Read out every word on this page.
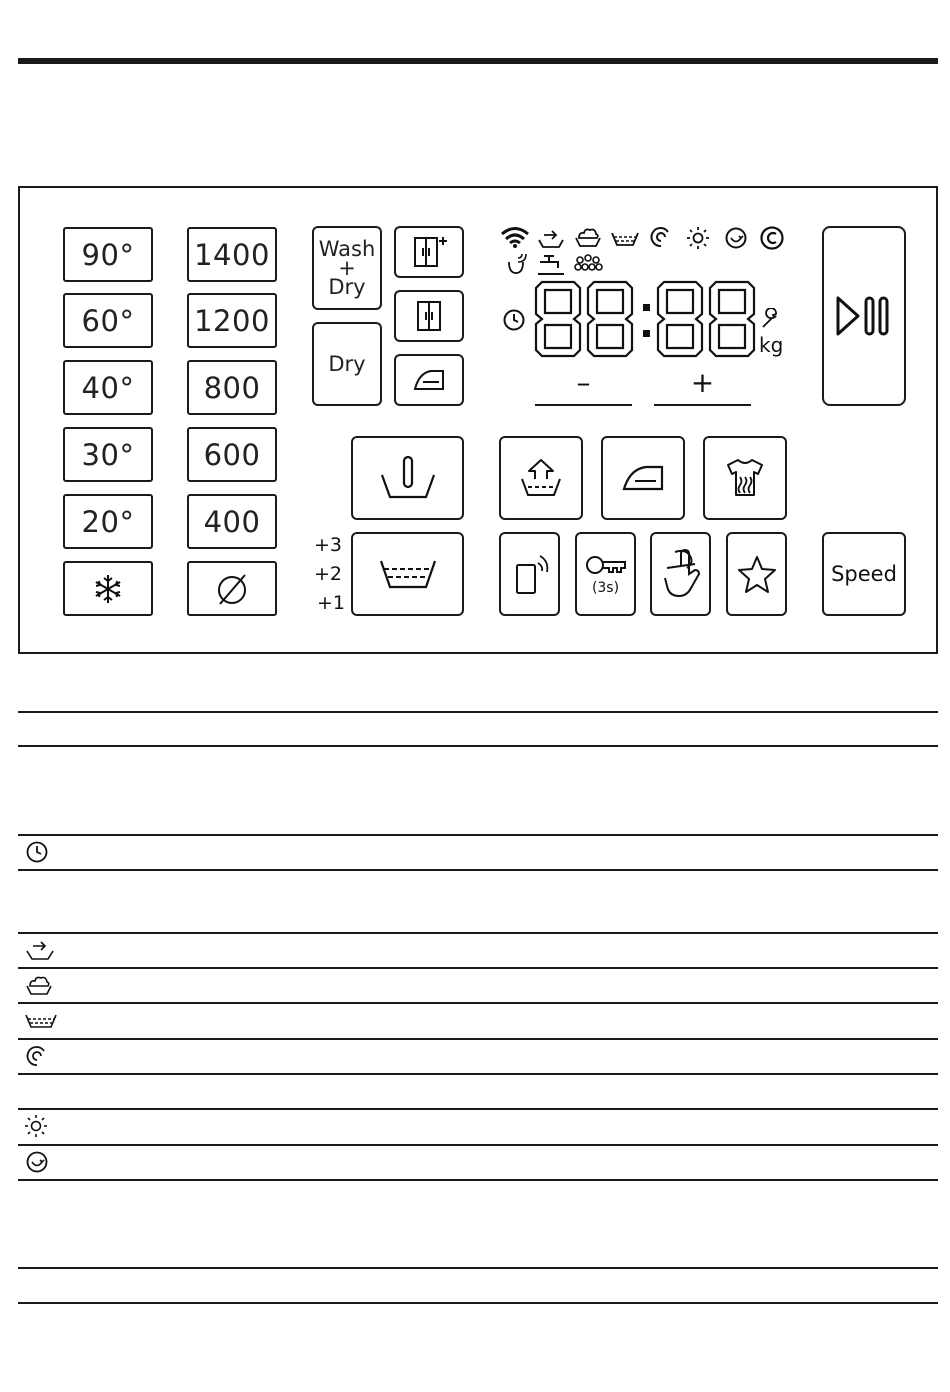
90°
60°
40°
30°
20°
1400
1200
800
600
400
Wash
+
Dry
Dry
kg
–	+
+3
+2
+1
(3s)
Speed
